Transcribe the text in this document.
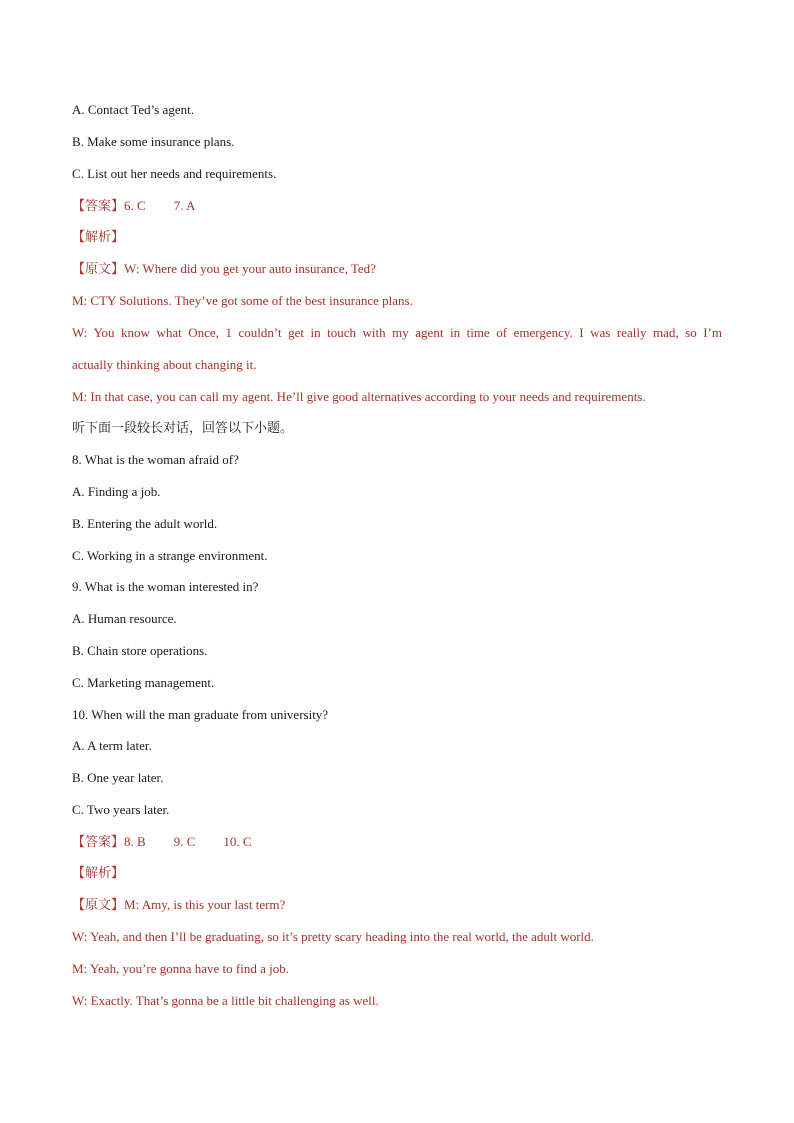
A. Contact Ted’s agent.
B. Make some insurance plans.
C. List out her needs and requirements.
【答案】6. C 7. A
【解析】
【原文】W: Where did you get your auto insurance, Ted?
M: CTY Solutions. They’ve got some of the best insurance plans.
W: You know what Once, 1 couldn’t get in touch with my agent in time of emergency. I was really mad, so I’m
actually thinking about changing it.
M: In that case, you can call my agent. He’ll give good alternatives according to your needs and requirements.
听下面一段较长对话，回答以下小题。
8. What is the woman afraid of?
A. Finding a job.
B. Entering the adult world.
C. Working in a strange environment.
9. What is the woman interested in?
A. Human resource.
B. Chain store operations.
C. Marketing management.
10. When will the man graduate from university?
A. A term later.
B. One year later.
C. Two years later.
【答案】8. B 9. C 10. C
【解析】
【原文】M: Amy, is this your last term?
W: Yeah, and then I’ll be graduating, so it’s pretty scary heading into the real world, the adult world.
M: Yeah, you’re gonna have to find a job.
W: Exactly. That’s gonna be a little bit challenging as well.
